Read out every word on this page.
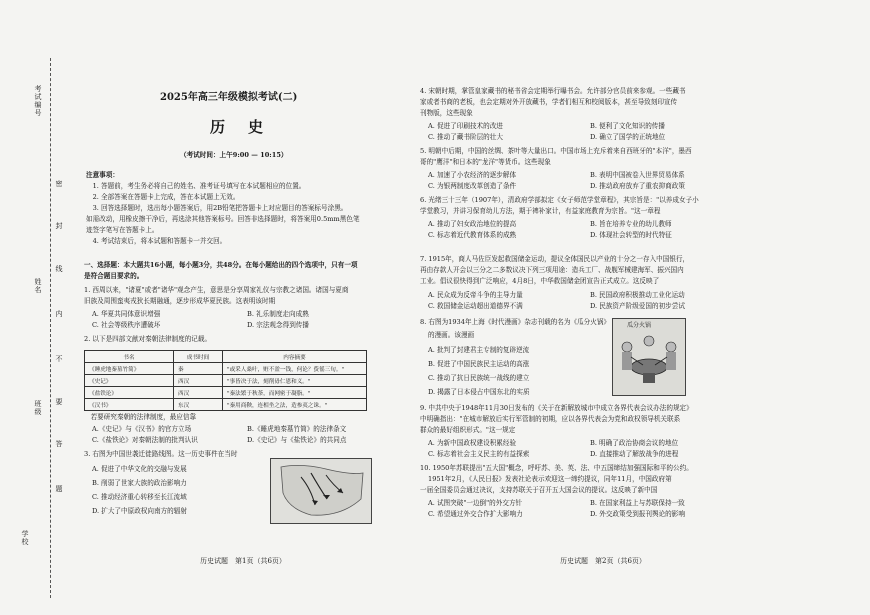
考试编号
班级
姓名
学校
密
封
线
内
不
要
答
题
2025年高三年级模拟考试(二)
历　史
（考试时间：上午9:00 — 10:15）
注意事项：
　1. 答题前，考生务必将自己的姓名、准考证号填写在本试题相应的位置。
　2. 全部答案在答题卡上完成，答在本试题上无效。
　3. 回答选择题时，选出每小题答案后，用2B铅笔把答题卡上对应题目的答案标号涂黑。
如需改动，用橡皮擦干净后，再选涂其他答案标号。回答非选择题时，将答案用0.5mm黑色笔
迹签字笔写在答题卡上。
　4. 考试结束后，将本试题和答题卡一并交回。
一、选择题：本大题共16小题，每小题3分，共48分。在每小题给出的四个选项中，只有一项
是符合题目要求的。
1. 西周以来，"诸夏"或者"诸华"观念产生，意思是分享周家礼仪与宗教之诸国。诸国与夏商
旧族及周围蛮夷戎狄长期融通，逐步形成华夏民族。这表明该时期
A. 华夏共同体意识增强	B. 礼乐制度走向成熟
C. 社会等级秩序遭破坏	D. 宗法观念得到传播
2. 以下是四部文献对秦朝法律制度的记载。
书名	成书时间	内容摘要
《睡虎地秦墓竹简》	秦	"或采人桑叶，赃不盈一钱，何论？赀徭三旬。"
《史记》	西汉	"事皆决于法，刻削毋仁恩和义。"
《盐铁论》	西汉	"秦法繁于秋荼，而网密于凝脂。"
《汉书》	东汉	"秦用商鞅，连相坐之法，造参夷之诛。"
　若要研究秦朝的法律制度，最应信靠
A.《史记》与《汉书》的官方立场	B.《睡虎地秦墓竹简》的法律条文
C.《盐铁论》对秦朝法制的批判认识	D.《史记》与《盐铁论》的共同点
3. 右图为中国世袭迁徙路线图。这一历史事件在当时
A. 促进了中华文化的交融与发展
B. 削弱了世家大族的政治影响力
C. 推动经济重心转移至长江流域
D. 扩大了中原政权向南方的辐射
历史试题　第1页（共6页）
4. 宋朝时期，掌管皇家藏书的秘书省会定期举行曝书会。允许部分官员前来参观。一些藏书
家或者书商的老板，也会定期对外开放藏书，学者们相互和校阅版本，甚至导致刻印宣传
刊物版，这些现象
A. 促进了印刷技术的改进	B. 便利了文化知识的传播
C. 推动了藏书阶层的壮大	D. 确立了国学的正统地位
5. 明朝中后期，中国的丝绸、茶叶等大量出口。中国市场上充斥着来自西班牙的"本洋"，墨西
哥的"鹰洋"和日本的"龙洋"等货币。这些现象
A. 加速了小农经济的逐步解体	B. 表明中国被卷入世界贸易体系
C. 为银两制度改革创造了条件	D. 推动政府放弃了重农抑商政策
6. 光绪三十三年（1907年），清政府学部拟定《女子师范学堂章程》，其宗旨是："以养成女子小
学堂教习，并讲习保育幼儿方法，期于裨补家计，有益家庭教育为宗旨。"这一章程
A. 推动了妇女政治地位的提高	B. 旨在培养专业的幼儿教师
C. 标志着近代教育体系的成熟	D. 体现社会转型的时代特征
7. 1915年，商人马佐臣发起救国储金运动，提议全体国民以产业的十分之一存入中国银行，
再由存款人开会以三分之二多数议决下列三项用途：造兵工厂、战舰军械建海军、振兴国内
工业。倡议很快得到广泛响应，4月8日，中华救国储金团宣告正式成立。这反映了
A. 民众成为反帝斗争的主导力量	B. 民国政府积极推动工业化运动
C. 救国储金运动超出道德界不满	D. 民族资产阶级爱国的初步尝试
8. 右图为1934年上海《时代漫画》杂志刊载的名为《瓜分火锅》
的漫画。该漫画
A. 批判了封建君主专制的复辟逆流
B. 促进了中国民族民主运动的高涨
C. 推动了抗日民族统一战线的建立
D. 揭露了日本侵占中国东北的实质
瓜分火锅
9. 中共中央于1948年11月30日发布的《关于在新解放城市中成立各界代表会议办法的规定》
中明确指出："在城市解放后实行军管制的初期，应以各界代表会为党和政权领导机关联系
群众的最好组织形式。"这一规定
A. 为新中国政权建设积累经验	B. 明确了政治协商会议的地位
C. 标志着社会主义民主的有益探索	D. 直接推动了解放战争的进程
10. 1950年苏联提出"五大国"概念，呼吁苏、美、英、法、中五国缔结加强国际和平的公约。
1951年2月，《人民日报》发表社论表示欢迎这一缔约提议，同年11月，中国政府第
一届全国委员会通过决议，支持苏联关于召开五大国会议的提议。这反映了新中国
A. 试图突破"一边倒"的外交方针	B. 在国家利益上与苏联保持一致
C. 希望通过外交合作扩大影响力	D. 外交政策受到报刊舆论的影响
历史试题　第2页（共6页）
